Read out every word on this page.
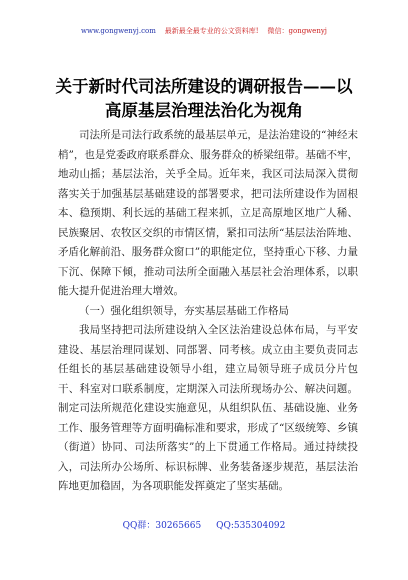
www.gongwenyj.com 最新最全最专业的公文资料库! 微信：gongwenyj
关于新时代司法所建设的调研报告——以
高原基层治理法治化为视角

司法所是司法行政系统的最基层单元，是法治建设的“神经末梢”，也是党委政府联系群众、服务群众的桥梁纽带。基础不牢，地动山摇；基层法治，关乎全局。近年来，我区司法局深入贯彻落实关于加强基层基础建设的部署要求，把司法所建设作为固根本、稳预期、利长远的基础工程来抓，立足高原地区地广人稀、民族聚居、农牧区交织的市情区情，紧扣司法所“基层法治阵地、矛盾化解前沿、服务群众窗口”的职能定位，坚持重心下移、力量下沉、保障下倾，推动司法所全面融入基层社会治理体系，以职能大提升促进治理大增效。

（一）强化组织领导，夯实基层基础工作格局

我局坚持把司法所建设纳入全区法治建设总体布局，与平安建设、基层治理同谋划、同部署、同考核。成立由主要负责同志任组长的基层基础建设领导小组，建立局领导班子成员分片包干、科室对口联系制度，定期深入司法所现场办公、解决问题。制定司法所规范化建设实施意见，从组织队伍、基础设施、业务工作、服务管理等方面明确标准和要求，形成了“区级统筹、乡镇（街道）协同、司法所落实”的上下贯通工作格局。通过持续投入，司法所办公场所、标识标牌、业务装备逐步规范，基层法治阵地更加稳固，为各项职能发挥奠定了坚实基础。

QQ群：30265665 QQ:535304092
